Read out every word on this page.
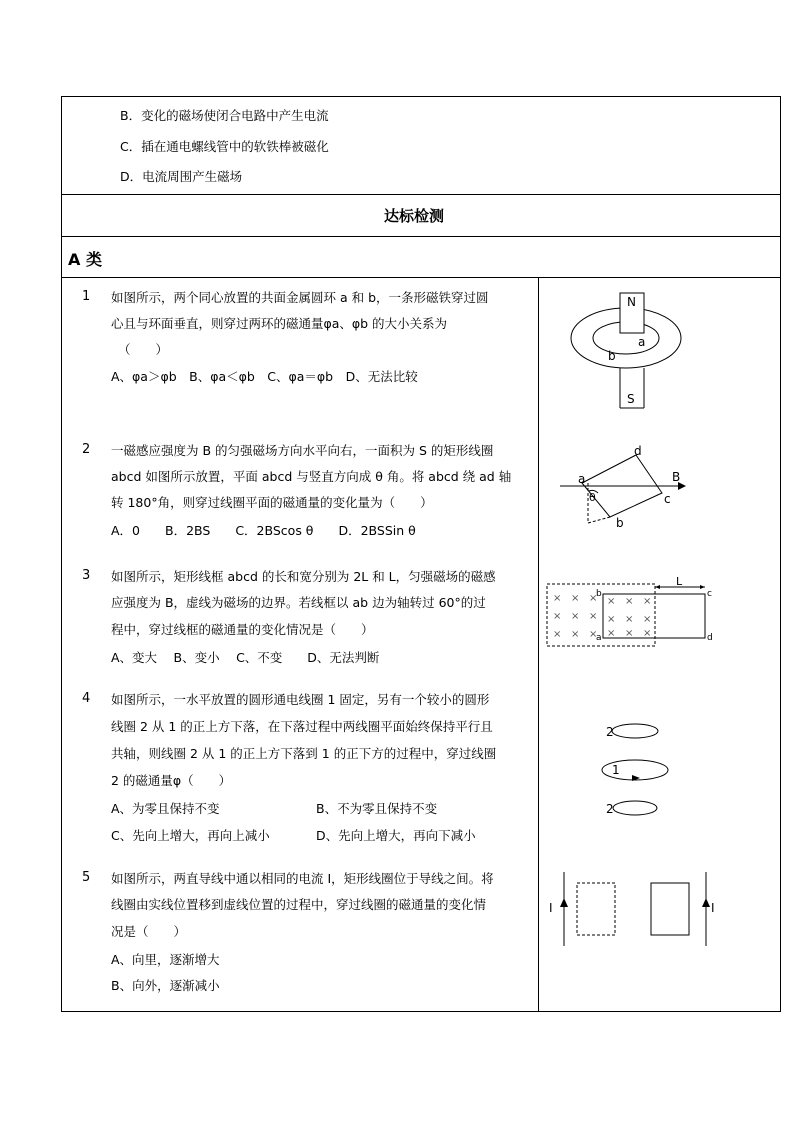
B．变化的磁场使闭合电路中产生电流
C．插在通电螺线管中的软铁棒被磁化
D．电流周围产生磁场
达标检测
A 类
1 如图所示，两个同心放置的共面金属圆环 a 和 b，一条形磁铁穿过圆
心且与环面垂直，则穿过两环的磁通量φa、φb 的大小关系为
（　　）
A、φa＞φb　B、φa＜φb　C、φa＝φb　D、无法比较
N
S
a
b
2 一磁感应强度为 B 的匀强磁场方向水平向右，一面积为 S 的矩形线圈
abcd 如图所示放置，平面 abcd 与竖直方向成 θ 角。将 abcd 绕 ad 轴
转 180°角，则穿过线圈平面的磁通量的变化量为（　　）
A．0　　B．2BS　　C．2BScos θ　　D．2BSSin θ
a
d
b
c
B
θ
3 如图所示，矩形线框 abcd 的长和宽分别为 2L 和 L，匀强磁场的磁感
应强度为 B，虚线为磁场的边界。若线框以 ab 边为轴转过 60°的过
程中，穿过线框的磁通量的变化情况是（　　）
A、变大　 B、变小　 C、不变　　D、无法判断
× × × × × ×
× × × × × ×
× × × × × ×
L
b
a
c
d
4 如图所示，一水平放置的圆形通电线圈 1 固定，另有一个较小的圆形
线圈 2 从 1 的正上方下落，在下落过程中两线圈平面始终保持平行且
共轴，则线圈 2 从 1 的正上方下落到 1 的正下方的过程中，穿过线圈
2 的磁通量φ（　　）
A、为零且保持不变	B、不为零且保持不变
C、先向上增大，再向上减小	D、先向上增大，再向下减小
2
1
2
5 如图所示，两直导线中通以相同的电流 I，矩形线圈位于导线之间。将
线圈由实线位置移到虚线位置的过程中，穿过线圈的磁通量的变化情
况是（　　）
A、向里，逐渐增大
B、向外，逐渐减小
I	I
